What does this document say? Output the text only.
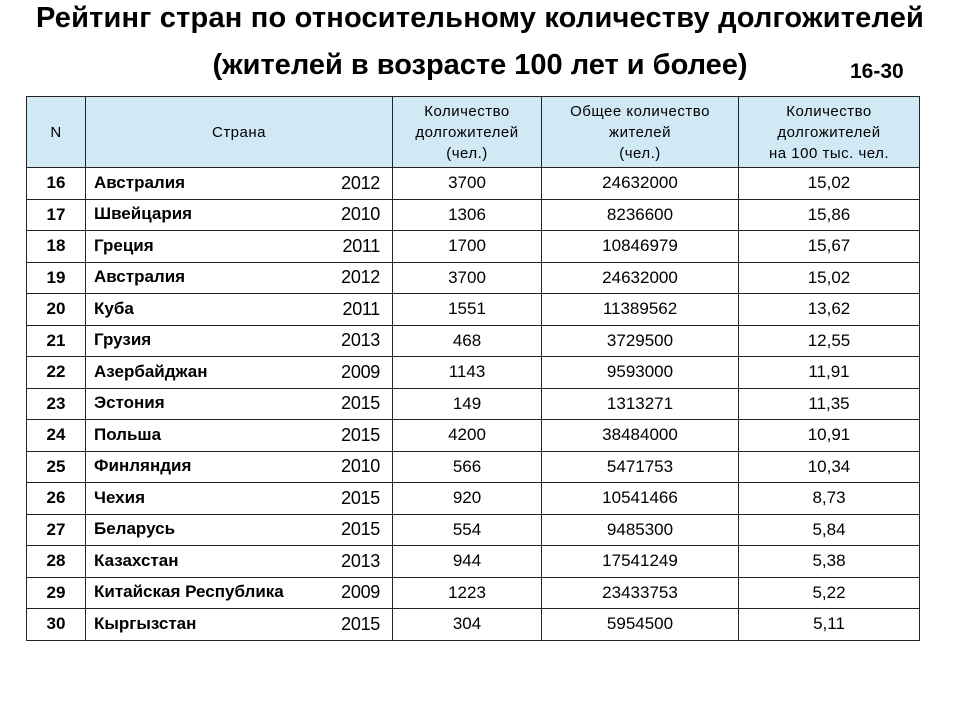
Рейтинг стран по относительному количеству долгожителей
(жителей в возрасте 100 лет и более)	16-30
N	Страна	Количество
долгожителей
(чел.)	Общее количество
жителей
(чел.)	Количество
долгожителей
на 100 тыс. чел.
16	Австралия 2012	3700	24632000	15,02
17	Швейцария 2010	1306	8236600	15,86
18	Греция 2011	1700	10846979	15,67
19	Австралия 2012	3700	24632000	15,02
20	Куба 2011	1551	11389562	13,62
21	Грузия 2013	468	3729500	12,55
22	Азербайджан 2009	1143	9593000	11,91
23	Эстония 2015	149	1313271	11,35
24	Польша 2015	4200	38484000	10,91
25	Финляндия 2010	566	5471753	10,34
26	Чехия 2015	920	10541466	8,73
27	Беларусь 2015	554	9485300	5,84
28	Казахстан 2013	944	17541249	5,38
29	Китайская Республика 2009	1223	23433753	5,22
30	Кыргызстан 2015	304	5954500	5,11
